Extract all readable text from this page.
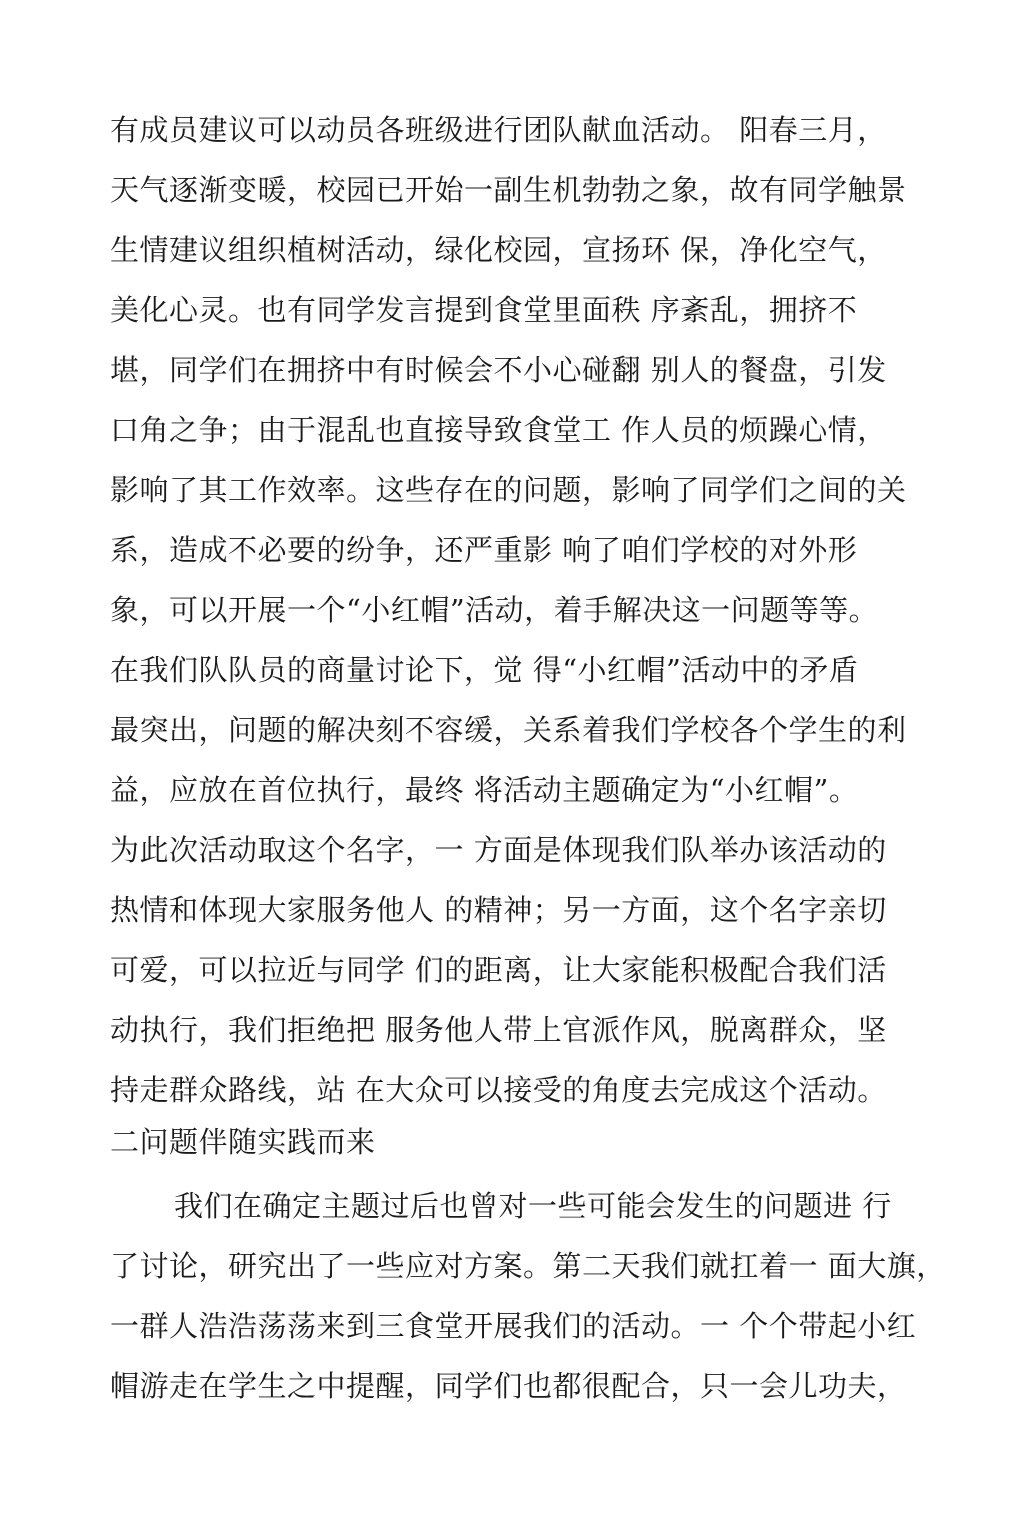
有成员建议可以动员各班级进行团队献血活动。 阳春三月，
天气逐渐变暖，校园已开始一副生机勃勃之象，故有同学触景
生情建议组织植树活动，绿化校园，宣扬环 保，净化空气，
美化心灵。也有同学发言提到食堂里面秩 序紊乱，拥挤不
堪，同学们在拥挤中有时候会不小心碰翻 别人的餐盘，引发
口角之争；由于混乱也直接导致食堂工 作人员的烦躁心情，
影响了其工作效率。这些存在的问题，影响了同学们之间的关
系，造成不必要的纷争，还严重影 响了咱们学校的对外形
象，可以开展一个“小红帽”活动，着手解决这一问题等等。
在我们队队员的商量讨论下，觉 得“小红帽”活动中的矛盾
最突出，问题的解决刻不容缓，关系着我们学校各个学生的利
益，应放在首位执行，最终 将活动主题确定为“小红帽”。
为此次活动取这个名字，一 方面是体现我们队举办该活动的
热情和体现大家服务他人 的精神；另一方面，这个名字亲切
可爱，可以拉近与同学 们的距离，让大家能积极配合我们活
动执行，我们拒绝把 服务他人带上官派作风，脱离群众，坚
持走群众路线，站 在大众可以接受的角度去完成这个活动。
二问题伴随实践而来
我们在确定主题过后也曾对一些可能会发生的问题进 行
了讨论，研究出了一些应对方案。第二天我们就扛着一 面大旗，
一群人浩浩荡荡来到三食堂开展我们的活动。一 个个带起小红
帽游走在学生之中提醒，同学们也都很配合，只一会儿功夫，
